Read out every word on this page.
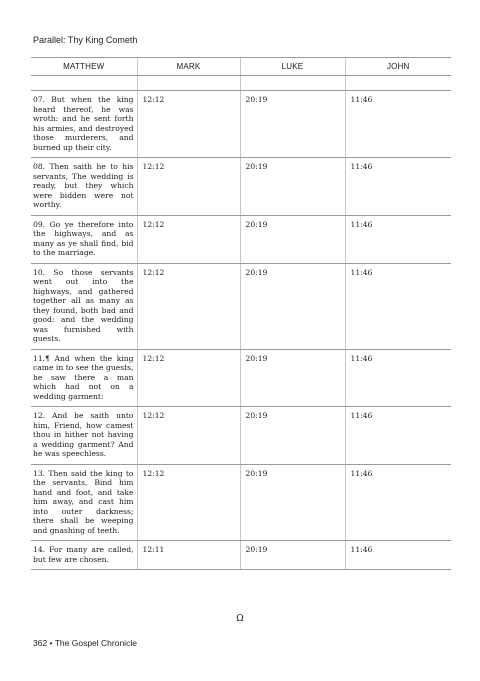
Parallel: Thy King Cometh
MATTHEW	MARK	LUKE	JOHN

07. But when the king heard thereof, he was wroth: and he sent forth his armies, and destroyed those murderers, and burned up their city.	12:12	20:19	11:46
08. Then saith he to his servants, The wedding is ready, but they which were bidden were not worthy.	12:12	20:19	11:46
09. Go ye therefore into the highways, and as many as ye shall find, bid to the marriage.	12:12	20:19	11:46
10. So those servants went out into the highways, and gathered together all as many as they found, both bad and good: and the wedding was furnished with guests.	12:12	20:19	11:46
11.¶ And when the king came in to see the guests, he saw there a man which had not on a wedding garment:	12:12	20:19	11:46
12. And he saith unto him, Friend, how camest thou in hither not having a wedding garment? And he was speechless.	12:12	20:19	11:46
13. Then said the king to the servants, Bind him hand and foot, and take him away, and cast him into outer darkness; there shall be weeping and gnashing of teeth.	12:12	20:19	11:46
14. For many are called, but few are chosen.	12:11	20:19	11:46
Ω
362 • The Gospel Chronicle
